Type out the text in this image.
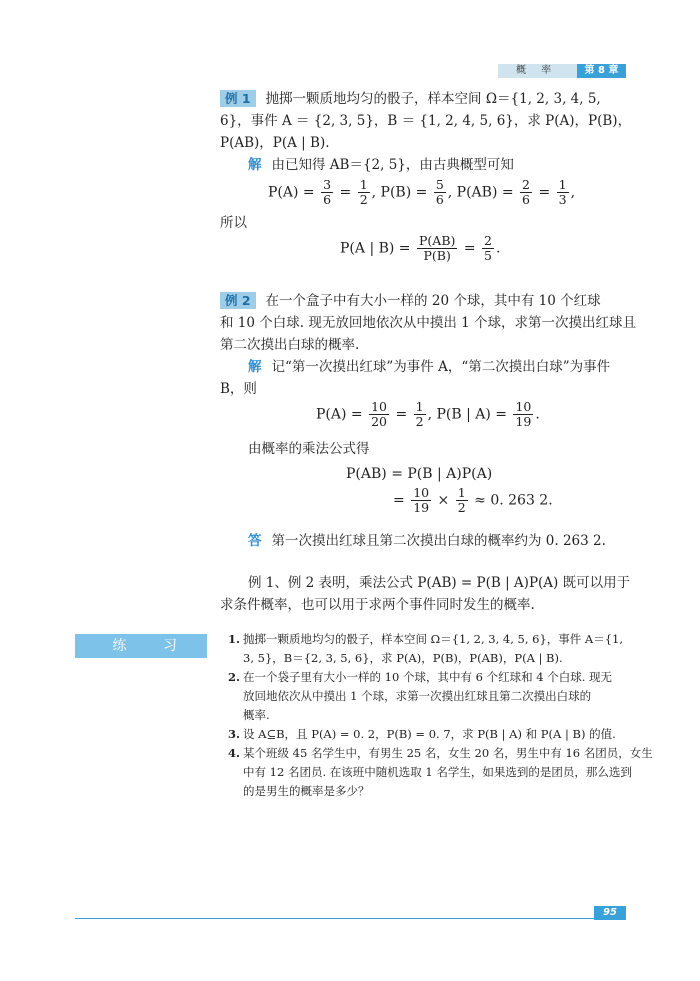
概 率	第 8 章
例 1 抛掷一颗质地均匀的骰子，样本空间 Ω＝{1, 2, 3, 4, 5,
6}，事件 A ＝ {2, 3, 5}，B ＝ {1, 2, 4, 5, 6}，求 P(A)，P(B)，
P(AB)，P(A | B).
解 由已知得 AB＝{2, 5}，由古典概型可知
$P(A) = \frac{3}{6} = \frac{1}{2}$ , $P(B) = \frac{5}{6}$ , $P(AB) = \frac{2}{6} = \frac{1}{3}$ ,
所以
P(A | $B) = \frac{P(AB)}{P(B)} = \frac{2}{5}$ .
例 2 在一个盒子中有大小一样的 20 个球，其中有 10 个红球
和 10 个白球. 现无放回地依次从中摸出 1 个球，求第一次摸出红球且
第二次摸出白球的概率.
解 记“第一次摸出红球”为事件 A，“第二次摸出白球”为事件
B，则
$P(A) = \frac{10}{20} = \frac{1}{2}$ , P(B | $A) = \frac{10}{19}$ .
由概率的乘法公式得
P(AB) = P(B | A)P(A)
= $\frac{10}{19} \times \frac{1}{2} \approx 0$. 263 2.
答 第一次摸出红球且第二次摸出白球的概率约为 0. 263 2.
例 1、例 2 表明，乘法公式 P(AB) = P(B | A)P(A) 既可以用于
求条件概率，也可以用于求两个事件同时发生的概率.
练 习	1. 抛掷一颗质地均匀的骰子，样本空间 Ω＝{1, 2, 3, 4, 5, 6}，事件 A＝{1,
3, 5}，B＝{2, 3, 5, 6}，求 P(A)，P(B)，P(AB)，P(A | B).
2. 在一个袋子里有大小一样的 10 个球，其中有 6 个红球和 4 个白球. 现无
放回地依次从中摸出 1 个球，求第一次摸出红球且第二次摸出白球的
概率.
3. 设 A⊆B，且 P(A) = 0. 2，P(B) = 0. 7，求 P(B | A) 和 P(A | B) 的值.
4. 某个班级 45 名学生中，有男生 25 名，女生 20 名，男生中有 16 名团员，女生
中有 12 名团员. 在该班中随机选取 1 名学生，如果选到的是团员，那么选到
的是男生的概率是多少？
95
